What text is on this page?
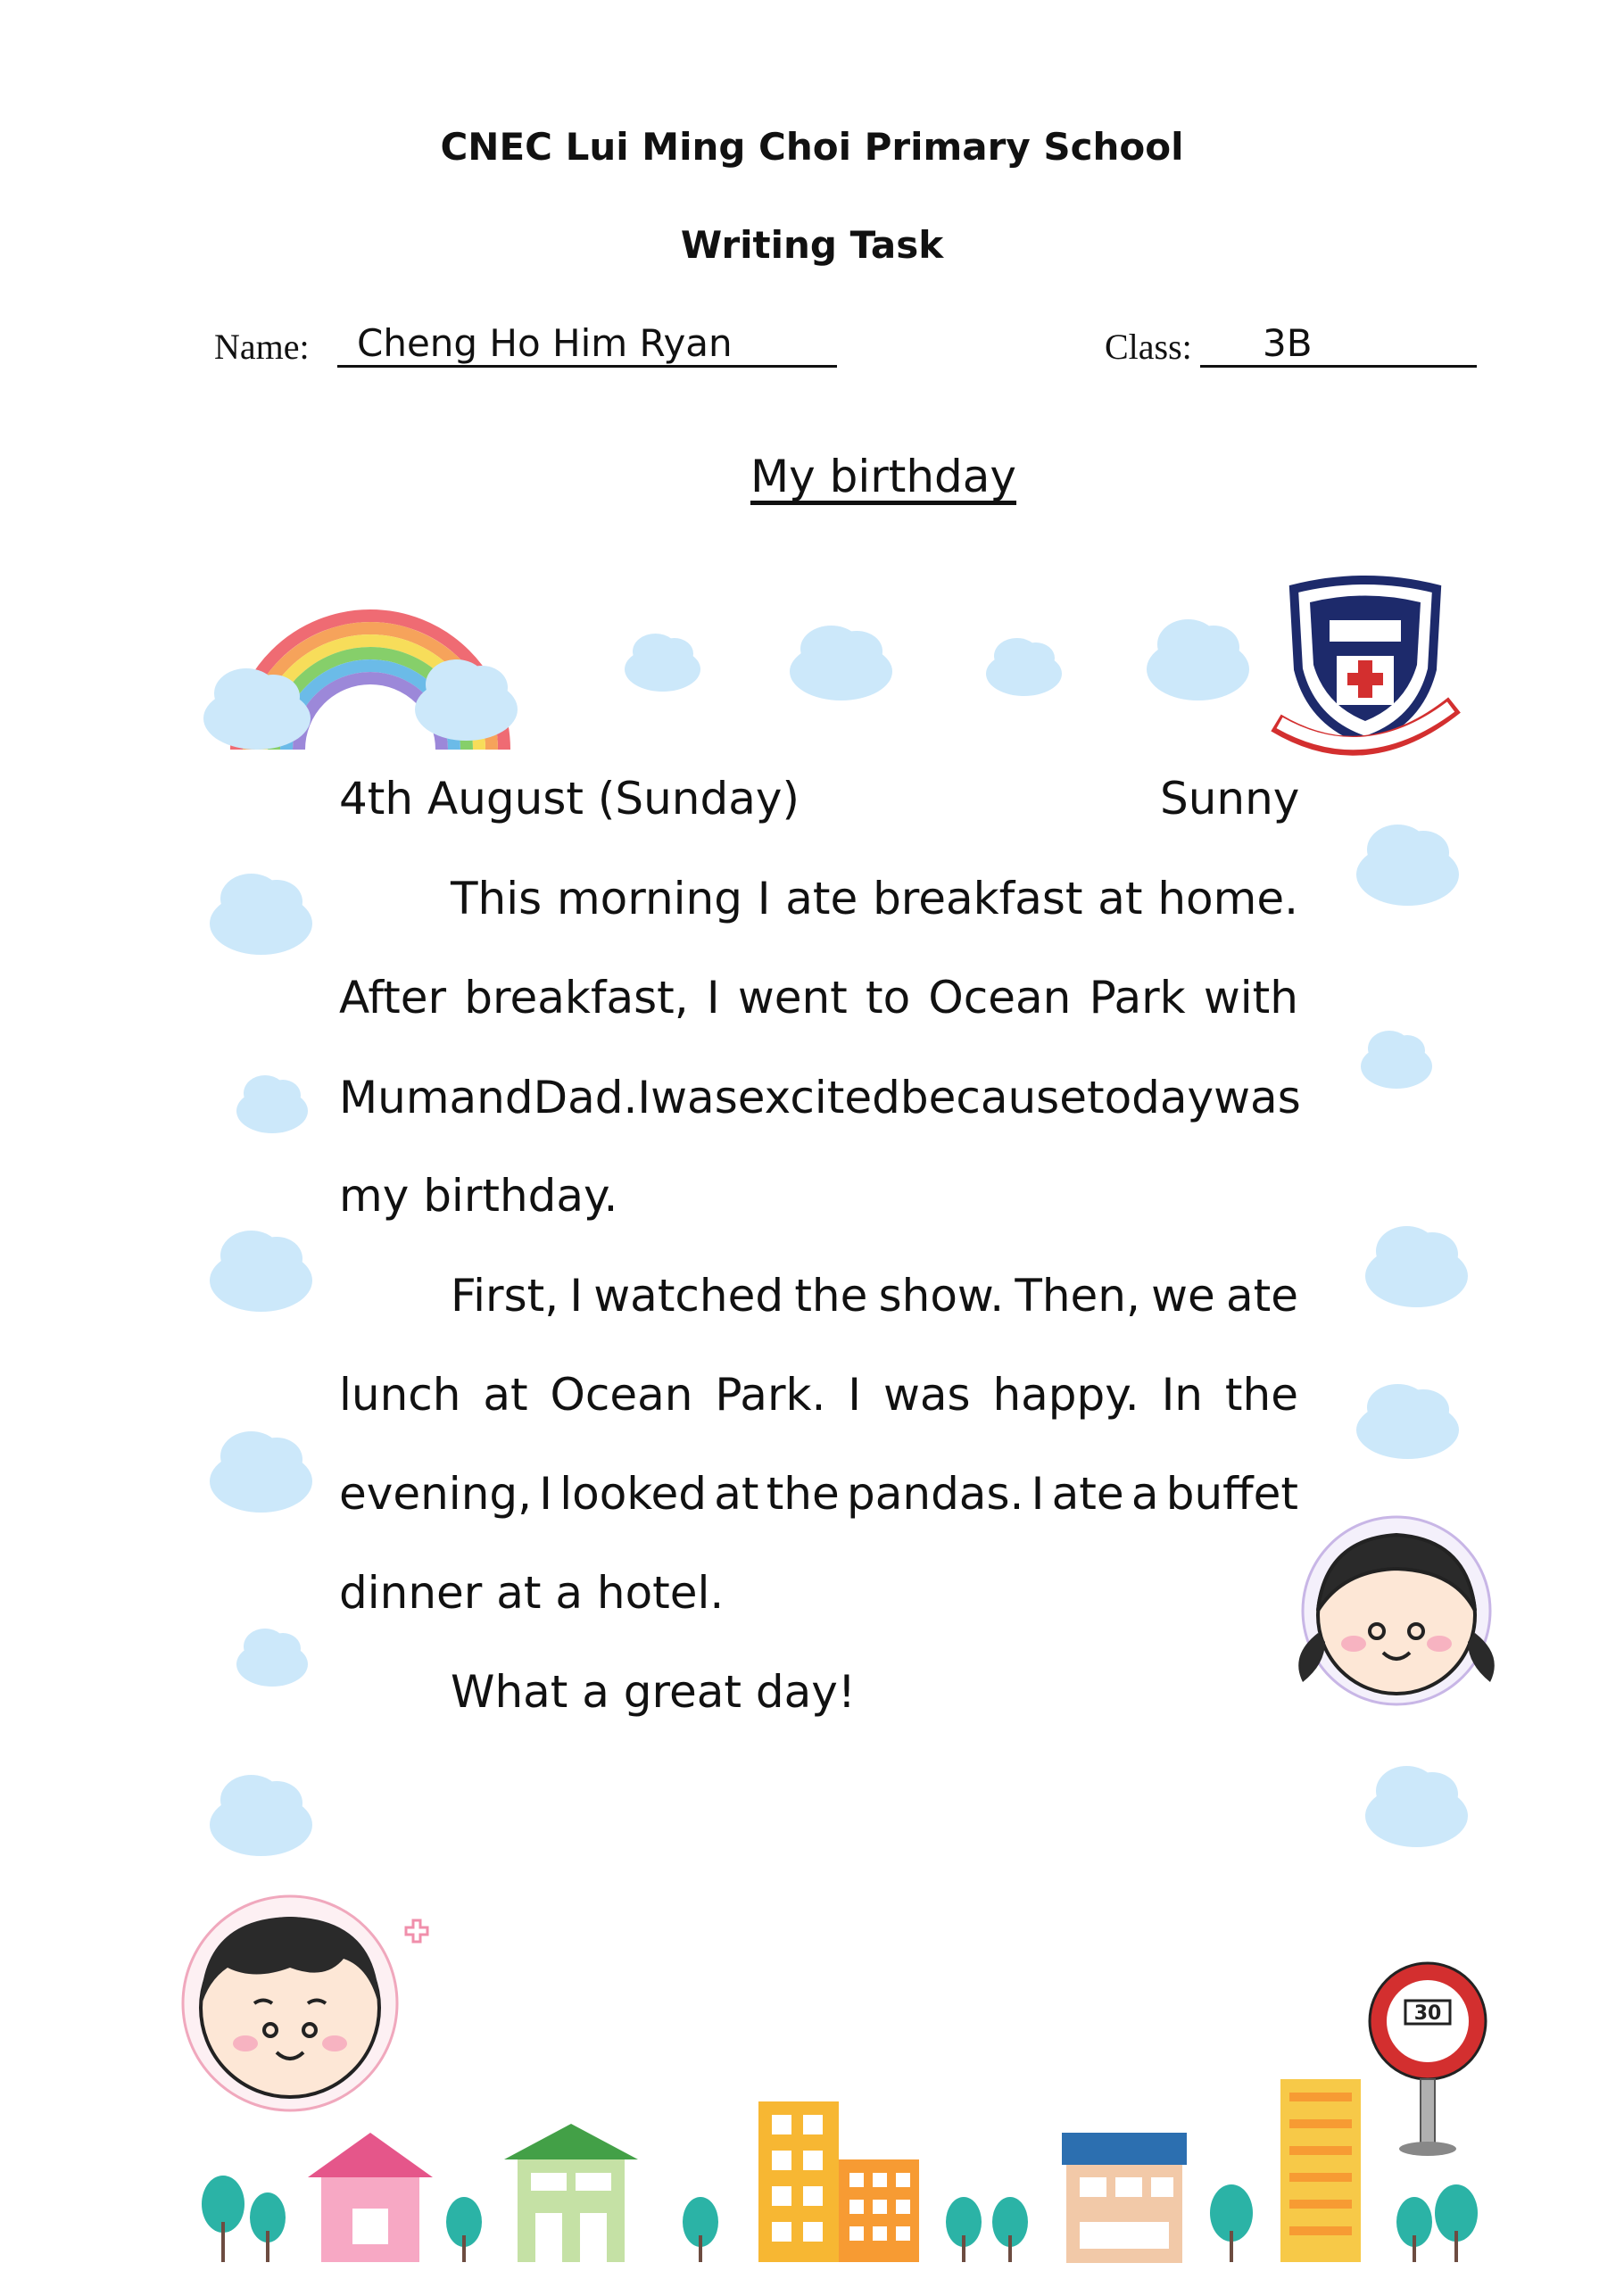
CNEC Lui Ming Choi Primary School
Writing Task
Name:	Cheng Ho Him Ryan	Class:	3B
My birthday
4th August (Sunday)	Sunny
This morning I ate breakfast at home.
After breakfast, I went to Ocean Park with
Mum and Dad. I was excited because today was
my birthday.
First, I watched the show. Then, we ate
lunch at Ocean Park. I was happy. In the
evening, I looked at the pandas. I ate a buffet
dinner at a hotel.
What a great day!
30
